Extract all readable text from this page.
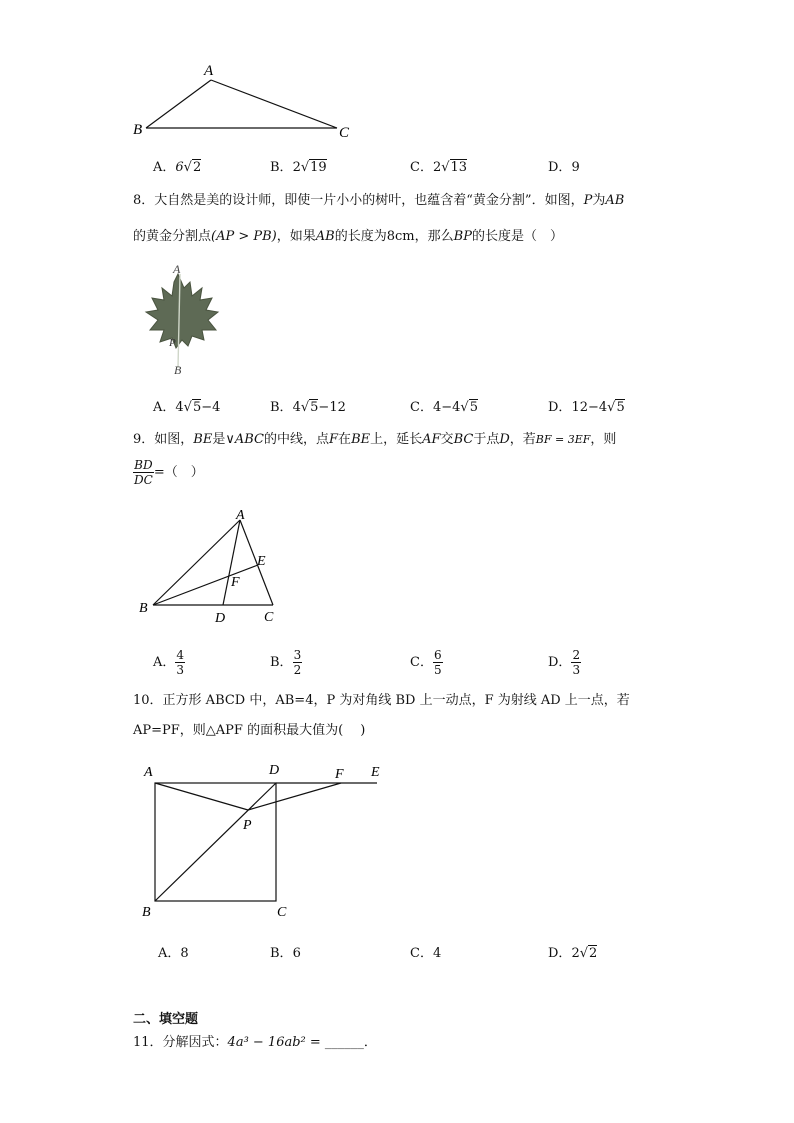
A
B	C
A．6√2	B．2√19	C．2√13	D．9
8．大自然是美的设计师，即使一片小小的树叶，也蕴含着“黄金分割”．如图，P为AB
的黄金分割点(AP > PB)，如果AB的长度为8cm，那么BP的长度是（　）
A
P
B
A．4√5−4	B．4√5−12	C．4−4√5	D．12−4√5
9．如图，BE是∨ABC的中线，点F在BE上，延长AF交BC于点D，若BF = 3EF，则
$\frac{BD}{DC}$ =（　）
A
B
C
D
E
F
A． $\frac{4}{3}$	B． $\frac{3}{2}$	C． $\frac{6}{5}$	D． $\frac{2}{3}$
10．正方形 ABCD 中，AB=4，P 为对角线 BD 上一动点，F 为射线 AD 上一点，若
AP=PF，则△APF 的面积最大值为(　 )
A	D	F E
P
B	C
A．8	B．6	C．4	D．2√2
二、填空题
11．分解因式：4a³ − 16ab² = ______．
